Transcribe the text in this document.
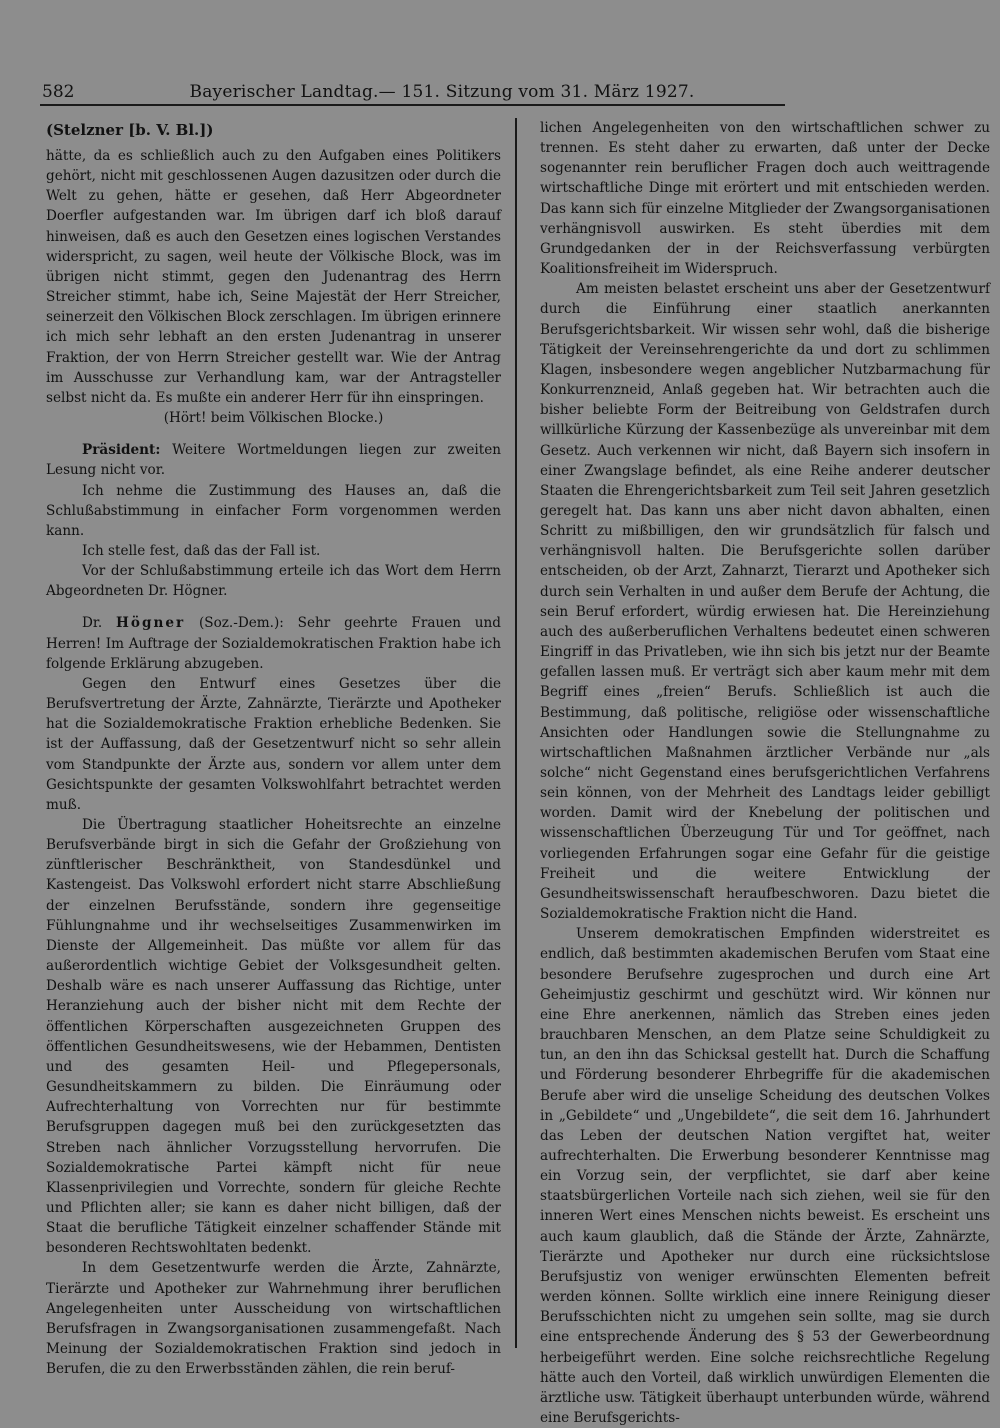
582	Bayerischer Landtag.— 151. Sitzung vom 31. März 1927.

(Stelzner [b. V. Bl.])

hätte, da es schließlich auch zu den Aufgaben eines Politikers gehört, nicht mit geschlossenen Augen dazusitzen oder durch die Welt zu gehen, hätte er gesehen, daß Herr Abgeordneter Doerfler aufgestanden war. Im übrigen darf ich bloß darauf hinweisen, daß es auch den Gesetzen eines logischen Verstandes widerspricht, zu sagen, weil heute der Völkische Block, was im übrigen nicht stimmt, gegen den Judenantrag des Herrn Streicher stimmt, habe ich, Seine Majestät der Herr Streicher, seinerzeit den Völkischen Block zerschlagen. Im übrigen erinnere ich mich sehr lebhaft an den ersten Judenantrag in unserer Fraktion, der von Herrn Streicher gestellt war. Wie der Antrag im Ausschusse zur Verhandlung kam, war der Antragsteller selbst nicht da. Es mußte ein anderer Herr für ihn einspringen.

(Hört! beim Völkischen Blocke.)

Präsident: Weitere Wortmeldungen liegen zur zweiten Lesung nicht vor.

Ich nehme die Zustimmung des Hauses an, daß die Schlußabstimmung in einfacher Form vorgenommen werden kann.

Ich stelle fest, daß das der Fall ist.

Vor der Schlußabstimmung erteile ich das Wort dem Herrn Abgeordneten Dr. Högner.

Dr. Högner (Soz.-Dem.): Sehr geehrte Frauen und Herren! Im Auftrage der Sozialdemokratischen Fraktion habe ich folgende Erklärung abzugeben.

Gegen den Entwurf eines Gesetzes über die Berufsvertretung der Ärzte, Zahnärzte, Tierärzte und Apotheker hat die Sozialdemokratische Fraktion erhebliche Bedenken. Sie ist der Auffassung, daß der Gesetzentwurf nicht so sehr allein vom Standpunkte der Ärzte aus, sondern vor allem unter dem Gesichtspunkte der gesamten Volkswohlfahrt betrachtet werden muß.

Die Übertragung staatlicher Hoheitsrechte an einzelne Berufsverbände birgt in sich die Gefahr der Großziehung von zünftlerischer Beschränktheit, von Standesdünkel und Kastengeist. Das Volkswohl erfordert nicht starre Abschließung der einzelnen Berufsstände, sondern ihre gegenseitige Fühlungnahme und ihr wechselseitiges Zusammenwirken im Dienste der Allgemeinheit. Das müßte vor allem für das außerordentlich wichtige Gebiet der Volksgesundheit gelten. Deshalb wäre es nach unserer Auffassung das Richtige, unter Heranziehung auch der bisher nicht mit dem Rechte der öffentlichen Körperschaften ausgezeichneten Gruppen des öffentlichen Gesundheitswesens, wie der Hebammen, Dentisten und des gesamten Heil- und Pflegepersonals, Gesundheitskammern zu bilden. Die Einräumung oder Aufrechterhaltung von Vorrechten nur für bestimmte Berufsgruppen dagegen muß bei den zurückgesetzten das Streben nach ähnlicher Vorzugsstellung hervorrufen. Die Sozialdemokratische Partei kämpft nicht für neue Klassenprivilegien und Vorrechte, sondern für gleiche Rechte und Pflichten aller; sie kann es daher nicht billigen, daß der Staat die berufliche Tätigkeit einzelner schaffender Stände mit besonderen Rechtswohltaten bedenkt.

In dem Gesetzentwurfe werden die Ärzte, Zahnärzte, Tierärzte und Apotheker zur Wahrnehmung ihrer beruflichen Angelegenheiten unter Ausscheidung von wirtschaftlichen Berufsfragen in Zwangsorganisationen zusammengefaßt. Nach Meinung der Sozialdemokratischen Fraktion sind jedoch in Berufen, die zu den Erwerbsständen zählen, die rein beruf-

lichen Angelegenheiten von den wirtschaftlichen schwer zu trennen. Es steht daher zu erwarten, daß unter der Decke sogenannter rein beruflicher Fragen doch auch weittragende wirtschaftliche Dinge mit erörtert und mit entschieden werden. Das kann sich für einzelne Mitglieder der Zwangsorganisationen verhängnisvoll auswirken. Es steht überdies mit dem Grundgedanken der in der Reichsverfassung verbürgten Koalitionsfreiheit im Widerspruch.

Am meisten belastet erscheint uns aber der Gesetzentwurf durch die Einführung einer staatlich anerkannten Berufsgerichtsbarkeit. Wir wissen sehr wohl, daß die bisherige Tätigkeit der Vereinsehrengerichte da und dort zu schlimmen Klagen, insbesondere wegen angeblicher Nutzbarmachung für Konkurrenzneid, Anlaß gegeben hat. Wir betrachten auch die bisher beliebte Form der Beitreibung von Geldstrafen durch willkürliche Kürzung der Kassenbezüge als unvereinbar mit dem Gesetz. Auch verkennen wir nicht, daß Bayern sich insofern in einer Zwangslage befindet, als eine Reihe anderer deutscher Staaten die Ehrengerichtsbarkeit zum Teil seit Jahren gesetzlich geregelt hat. Das kann uns aber nicht davon abhalten, einen Schritt zu mißbilligen, den wir grundsätzlich für falsch und verhängnisvoll halten. Die Berufsgerichte sollen darüber entscheiden, ob der Arzt, Zahnarzt, Tierarzt und Apotheker sich durch sein Verhalten in und außer dem Berufe der Achtung, die sein Beruf erfordert, würdig erwiesen hat. Die Hereinziehung auch des außerberuflichen Verhaltens bedeutet einen schweren Eingriff in das Privatleben, wie ihn sich bis jetzt nur der Beamte gefallen lassen muß. Er verträgt sich aber kaum mehr mit dem Begriff eines „freien“ Berufs. Schließlich ist auch die Bestimmung, daß politische, religiöse oder wissenschaftliche Ansichten oder Handlungen sowie die Stellungnahme zu wirtschaftlichen Maßnahmen ärztlicher Verbände nur „als solche“ nicht Gegenstand eines berufsgerichtlichen Verfahrens sein können, von der Mehrheit des Landtags leider gebilligt worden. Damit wird der Knebelung der politischen und wissenschaftlichen Überzeugung Tür und Tor geöffnet, nach vorliegenden Erfahrungen sogar eine Gefahr für die geistige Freiheit und die weitere Entwicklung der Gesundheitswissenschaft heraufbeschworen. Dazu bietet die Sozialdemokratische Fraktion nicht die Hand.

Unserem demokratischen Empfinden widerstreitet es endlich, daß bestimmten akademischen Berufen vom Staat eine besondere Berufsehre zugesprochen und durch eine Art Geheimjustiz geschirmt und geschützt wird. Wir können nur eine Ehre anerkennen, nämlich das Streben eines jeden brauchbaren Menschen, an dem Platze seine Schuldigkeit zu tun, an den ihn das Schicksal gestellt hat. Durch die Schaffung und Förderung besonderer Ehrbegriffe für die akademischen Berufe aber wird die unselige Scheidung des deutschen Volkes in „Gebildete“ und „Ungebildete“, die seit dem 16. Jahrhundert das Leben der deutschen Nation vergiftet hat, weiter aufrechterhalten. Die Erwerbung besonderer Kenntnisse mag ein Vorzug sein, der verpflichtet, sie darf aber keine staatsbürgerlichen Vorteile nach sich ziehen, weil sie für den inneren Wert eines Menschen nichts beweist. Es erscheint uns auch kaum glaublich, daß die Stände der Ärzte, Zahnärzte, Tierärzte und Apotheker nur durch eine rücksichtslose Berufsjustiz von weniger erwünschten Elementen befreit werden können. Sollte wirklich eine innere Reinigung dieser Berufsschichten nicht zu umgehen sein sollte, mag sie durch eine entsprechende Änderung des § 53 der Gewerbeordnung herbeigeführt werden. Eine solche reichsrechtliche Regelung hätte auch den Vorteil, daß wirklich unwürdigen Elementen die ärztliche usw. Tätigkeit überhaupt unterbunden würde, während eine Berufsgerichts-
